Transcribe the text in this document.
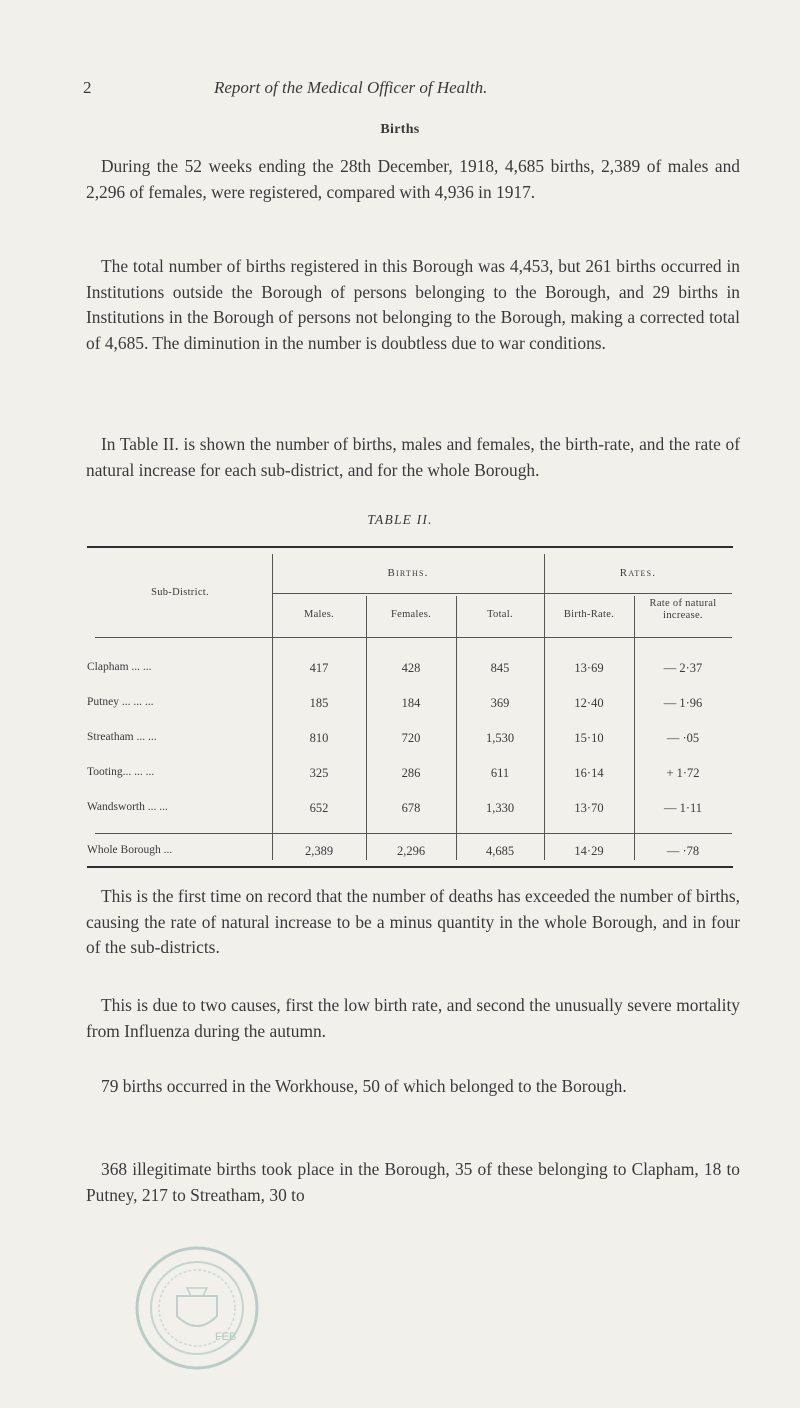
2	Report of the Medical Officer of Health.
Births

During the 52 weeks ending the 28th December, 1918, 4,685 births, 2,389 of males and 2,296 of females, were registered, compared with 4,936 in 1917.

The total number of births registered in this Borough was 4,453, but 261 births occurred in Institutions outside the Borough of persons belonging to the Borough, and 29 births in Institutions in the Borough of persons not belonging to the Borough, making a corrected total of 4,685. The diminution in the number is doubtless due to war conditions.

In Table II. is shown the number of births, males and females, the birth-rate, and the rate of natural increase for each sub-district, and for the whole Borough.

TABLE II.
Sub-District.
Births.	Rates.
Males.	Females.	Total.	Birth-Rate.
Rate of natural increase.
Clapham ... ...	417	428	845	13·69	— 2·37
Putney ... ... ...	185	184	369	12·40	— 1·96
Streatham ... ...	810	720	1,530	15·10	— ·05
Tooting... ... ...	325	286	611	16·14	+ 1·72
Wandsworth ... ...	652	678	1,330	13·70	— 1·11
Whole Borough ...	2,389	2,296	4,685	14·29	— ·78

This is the first time on record that the number of deaths has exceeded the number of births, causing the rate of natural increase to be a minus quantity in the whole Borough, and in four of the sub-districts.

This is due to two causes, first the low birth rate, and second the unusually severe mortality from Influenza during the autumn.

79 births occurred in the Workhouse, 50 of which belonged to the Borough.

368 illegitimate births took place in the Borough, 35 of these belonging to Clapham, 18 to Putney, 217 to Streatham, 30 to

FEB
